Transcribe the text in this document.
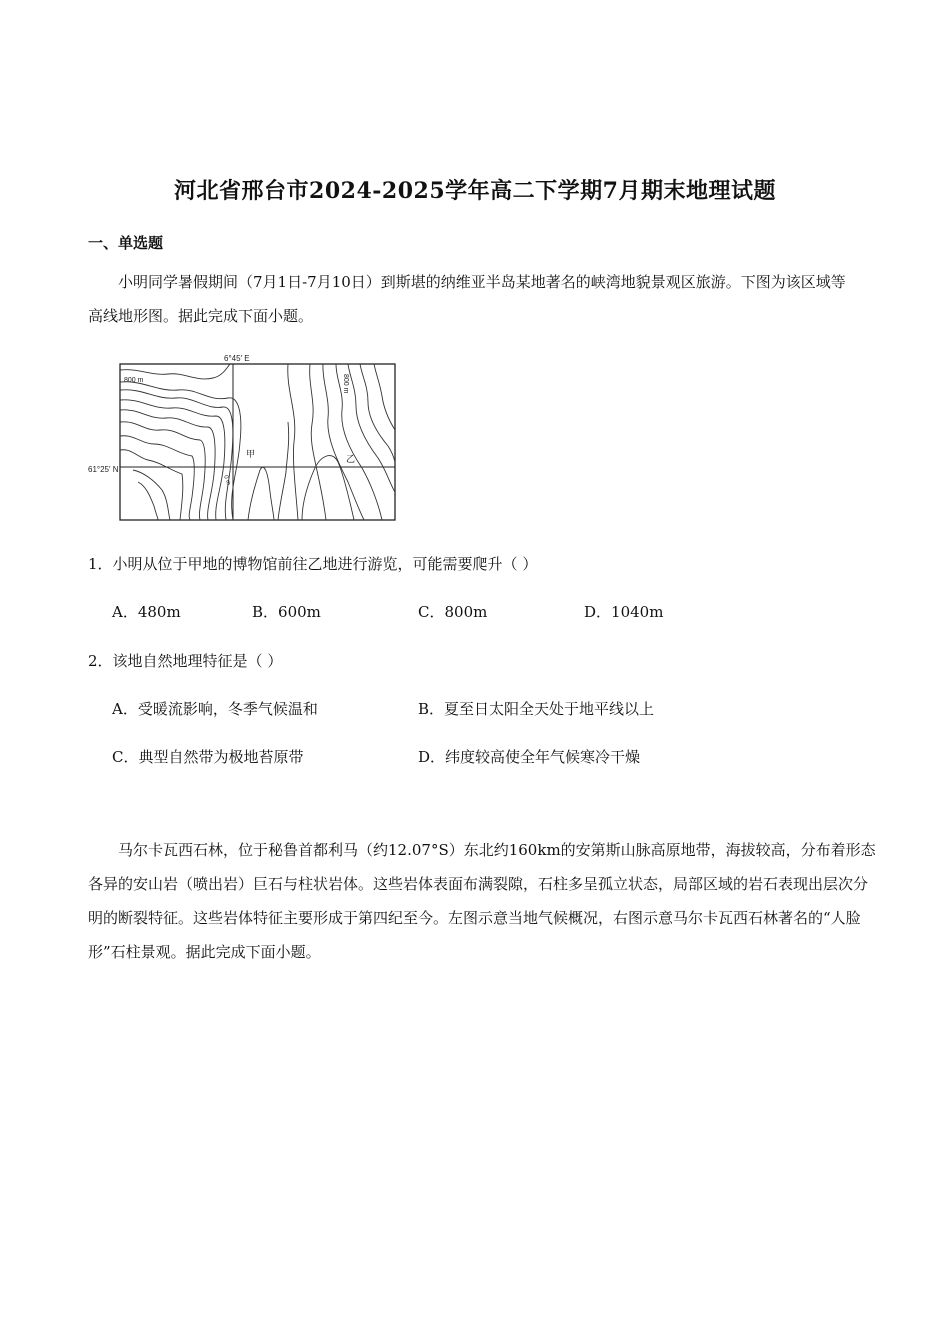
河北省邢台市2024-2025学年高二下学期7月期末地理试题
一、单选题

小明同学暑假期间（7月1日-7月10日）到斯堪的纳维亚半岛某地著名的峡湾地貌景观区旅游。下图为该区域等高线地形图。据此完成下面小题。

6°45′ E
61°25′ N
800 m	800 m
0 m
甲	乙
1．小明从位于甲地的博物馆前往乙地进行游览，可能需要爬升（ ）
A．480m	B．600m	C．800m	D．1040m
2．该地自然地理特征是（ ）
A．受暖流影响，冬季气候温和	B．夏至日太阳全天处于地平线以上
C．典型自然带为极地苔原带	D．纬度较高使全年气候寒冷干燥

马尔卡瓦西石林，位于秘鲁首都利马（约12.07°S）东北约160km的安第斯山脉高原地带，海拔较高，分布着形态各异的安山岩（喷出岩）巨石与柱状岩体。这些岩体表面布满裂隙，石柱多呈孤立状态，局部区域的岩石表现出层次分明的断裂特征。这些岩体特征主要形成于第四纪至今。左图示意当地气候概况，右图示意马尔卡瓦西石林著名的“人脸形”石柱景观。据此完成下面小题。
